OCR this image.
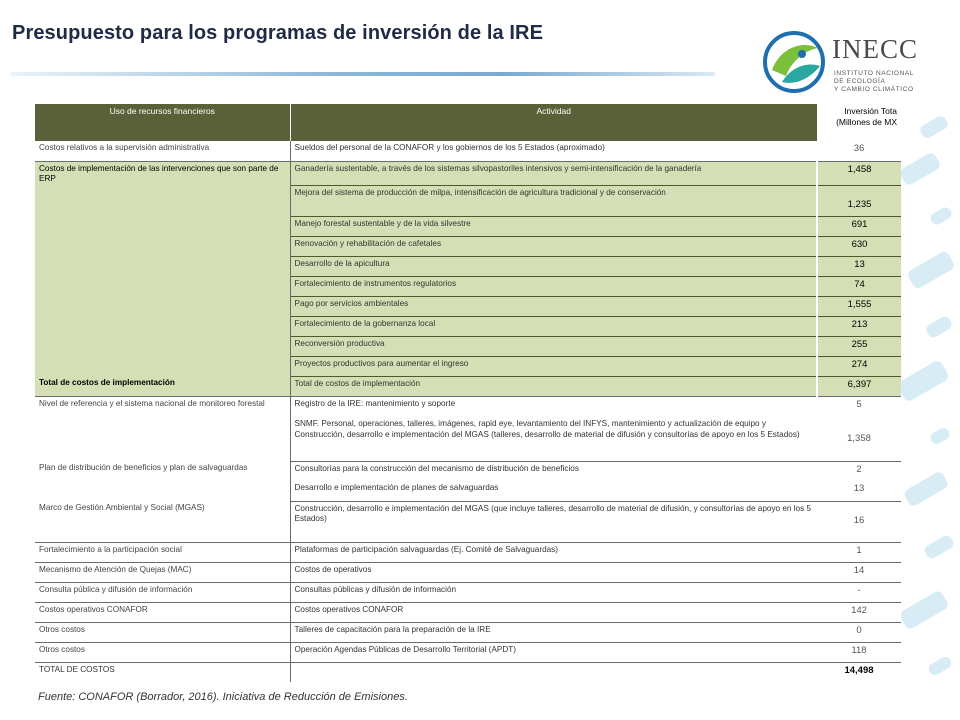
Presupuesto para los programas de inversión de la IRE
INECC
INSTITUTO NACIONAL
DE ECOLOGÍA
Y CAMBIO CLIMÁTICO
Uso de recursos financieros	Actividad	Inversión Tota
(Millones de MX
Costos relativos a la supervisión administrativa	Sueldos del personal de la CONAFOR y los gobiernos de los 5 Estados (aproximado)	36
Costos de implementación de las intervenciones que son parte de ERP	Ganadería sustentable, a través de los sistemas silvopastoriles intensivos y semi-intensificación de la ganadería	1,458
	Mejora del sistema de producción de milpa, intensificación de agricultura tradicional y de conservación	1,235
	Manejo forestal sustentable y de la vida silvestre	691
	Renovación y rehabilitación de cafetales	630
	Desarrollo de la apicultura	13
	Fortalecimiento de instrumentos regulatorios	74
	Pago por servicios ambientales	1,555
	Fortalecimiento de la gobernanza local	213
	Reconversión productiva	255
	Proyectos productivos para aumentar el ingreso	274
Total de costos de implementación	Total de costos de implementación	6,397
Nivel de referencia y el sistema nacional de monitoreo forestal	Registro de la IRE: mantenimiento y soporte	5
	SNMF. Personal, operaciones, talleres, imágenes, rapid eye, levantamiento del INFYS, mantenimiento y actualización de equipo y Construcción, desarrollo e implementación del MGAS (talleres, desarrollo de material de difusión y consultorías de apoyo en los 5 Estados)	1,358
Plan de distribución de beneficios y plan de salvaguardas	Consultorías para la construcción del mecanismo de distribución de beneficios	2
	Desarrollo e implementación de planes de salvaguardas	13
Marco de Gestión Ambiental y Social (MGAS)	Construcción, desarrollo e implementación del MGAS (que incluye talleres, desarrollo de material de difusión, y consultorías de apoyo en los 5 Estados)	16
Fortalecimiento a la participación social	Plataformas de participación salvaguardas (Ej. Comité de Salvaguardas)	1
Mecanismo de Atención de Quejas (MAC)	Costos de operativos	14
Consulta pública y difusión de información	Consultas públicas y difusión de información	-
Costos operativos CONAFOR	Costos operativos CONAFOR	142
Otros costos	Talleres de capacitación para la preparación de la IRE	0
Otros costos	Operación Agendas Públicas de Desarrollo Territorial (APDT)	118
TOTAL DE COSTOS		14,498
Fuente: CONAFOR (Borrador, 2016). Iniciativa de Reducción de Emisiones.
